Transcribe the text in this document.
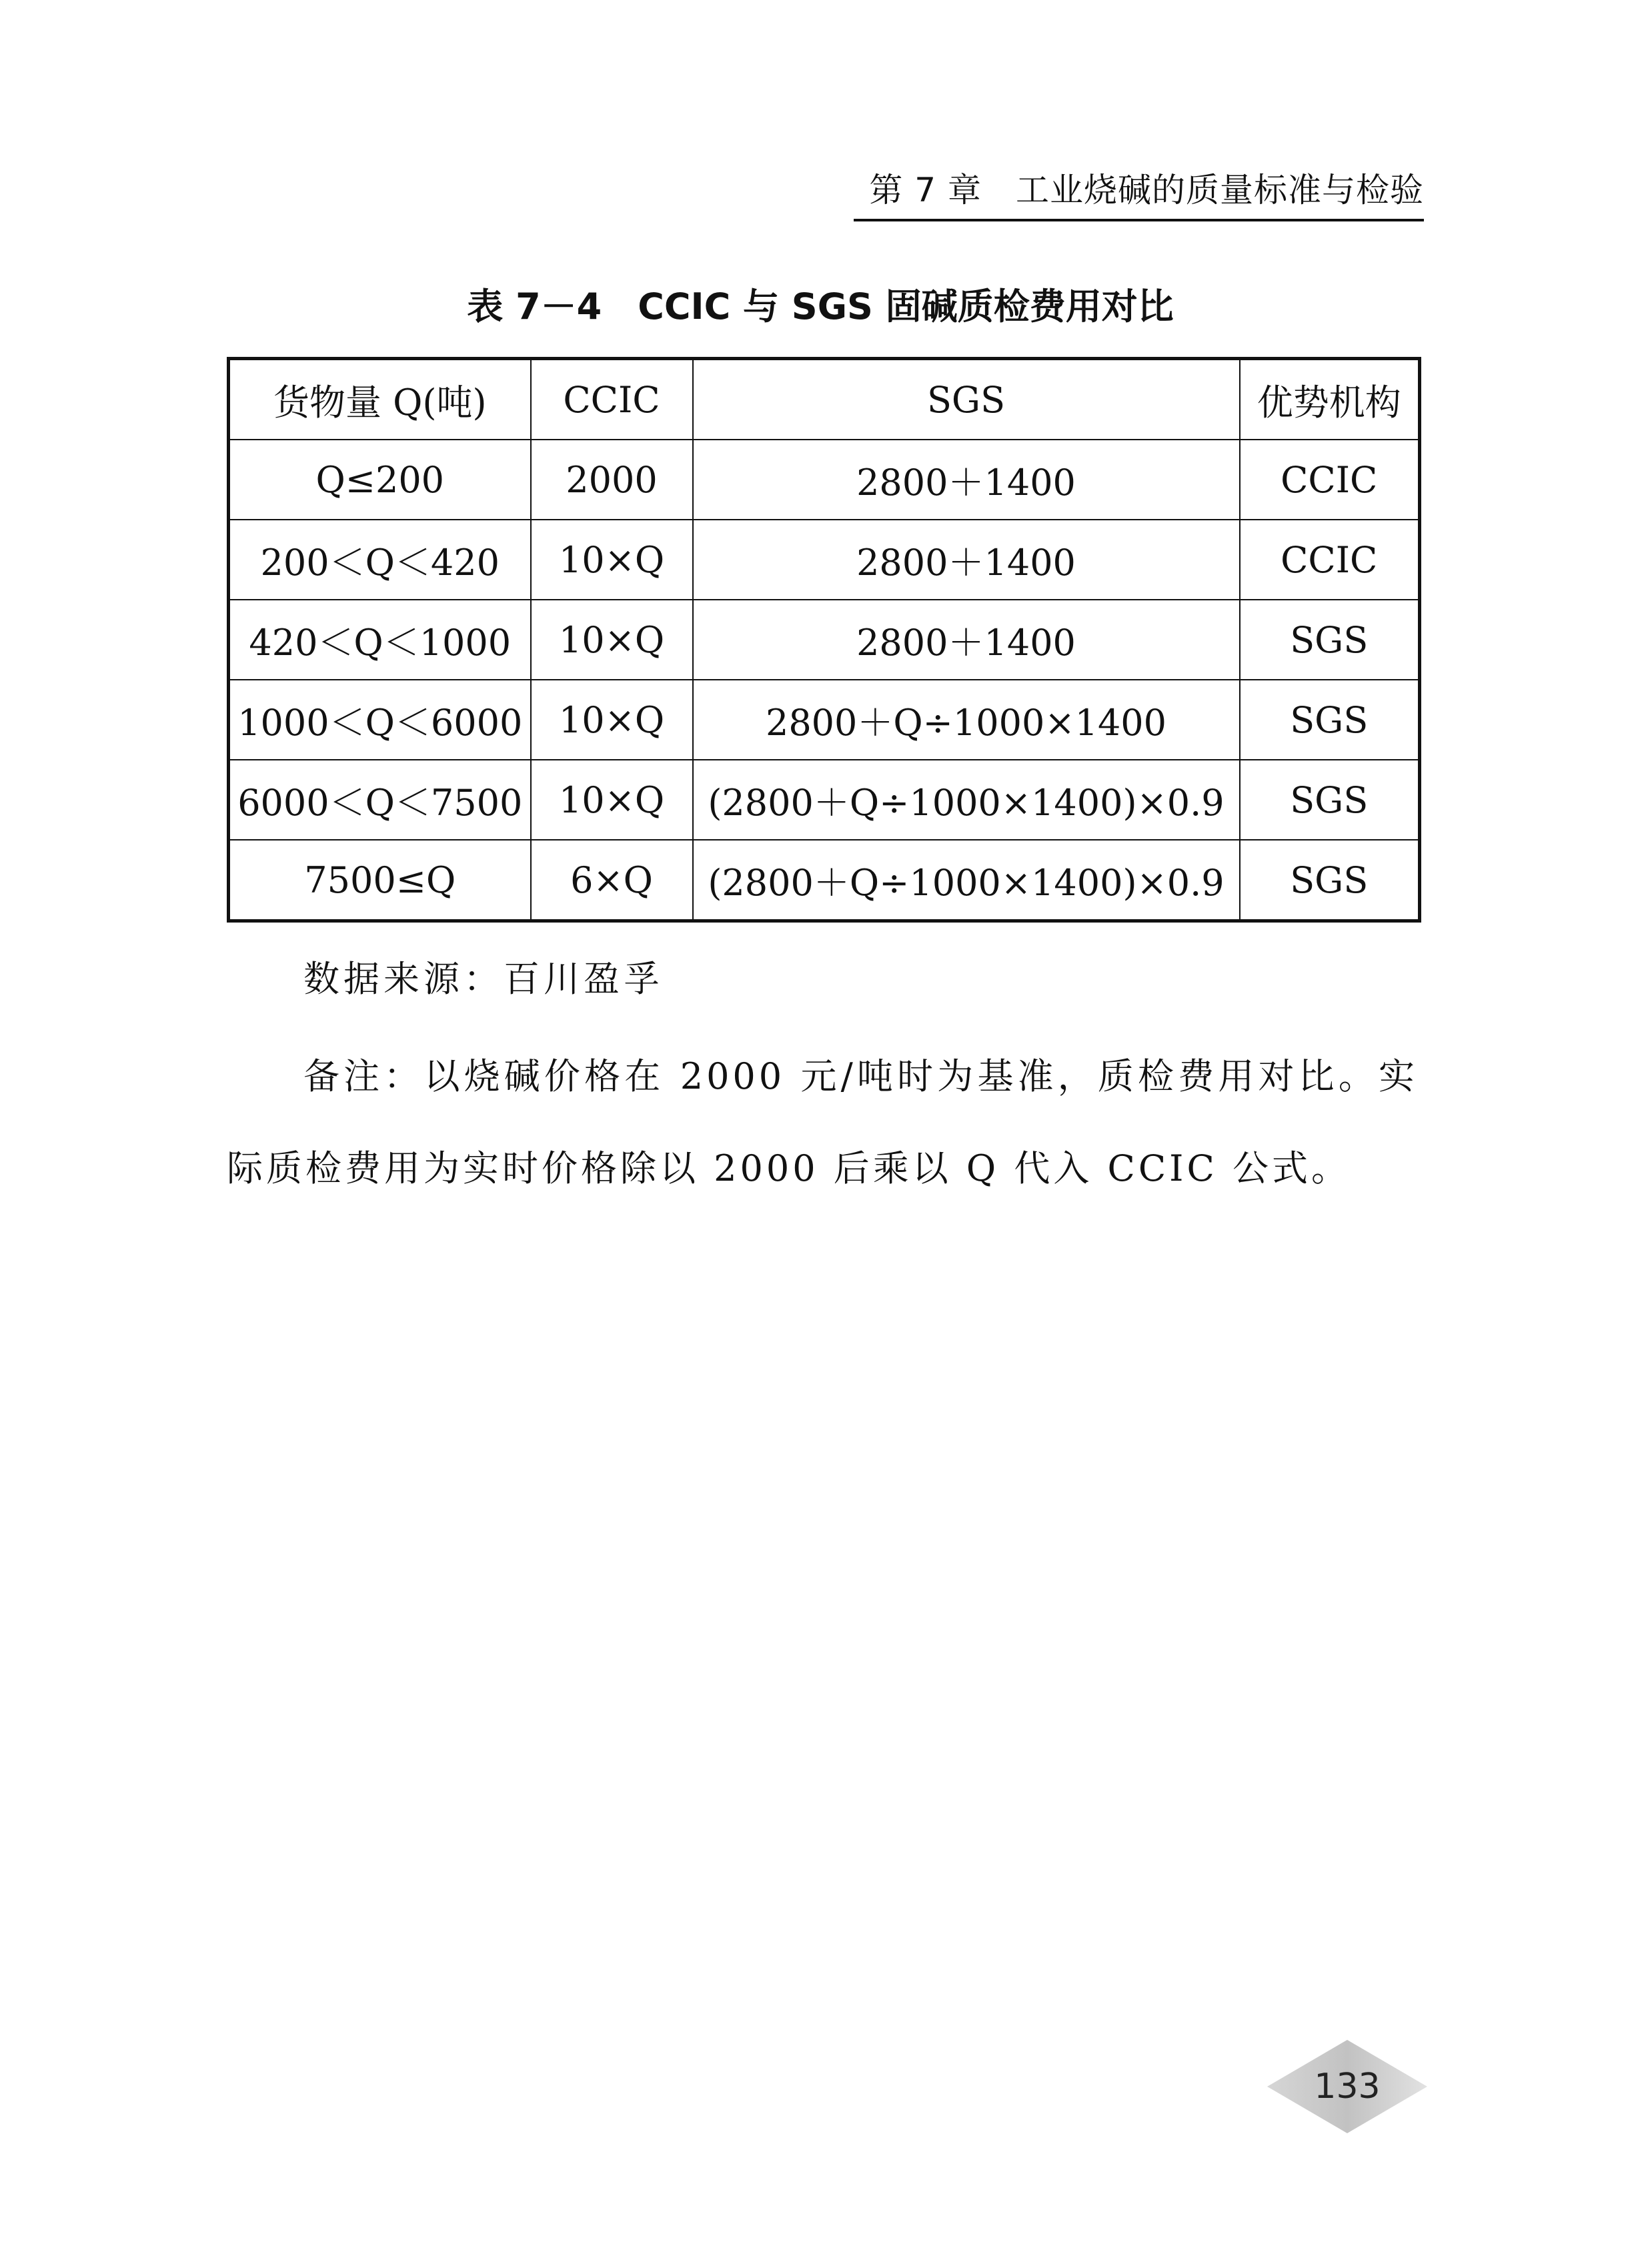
第 7 章　工业烧碱的质量标准与检验
表 7－4　CCIC 与 SGS 固碱质检费用对比
货物量 Q(吨)	CCIC	SGS	优势机构
Q≤200	2000	2800＋1400	CCIC
200＜Q＜420	10×Q	2800＋1400	CCIC
420＜Q＜1000	10×Q	2800＋1400	SGS
1000＜Q＜6000	10×Q	2800＋Q÷1000×1400	SGS
6000＜Q＜7500	10×Q	(2800＋Q÷1000×1400)×0.9	SGS
7500≤Q	6×Q	(2800＋Q÷1000×1400)×0.9	SGS
数据来源：百川盈孚
备注：以烧碱价格在 2000 元/吨时为基准，质检费用对比。实际质检费用为实时价格除以 2000 后乘以 Q 代入 CCIC 公式。
133
